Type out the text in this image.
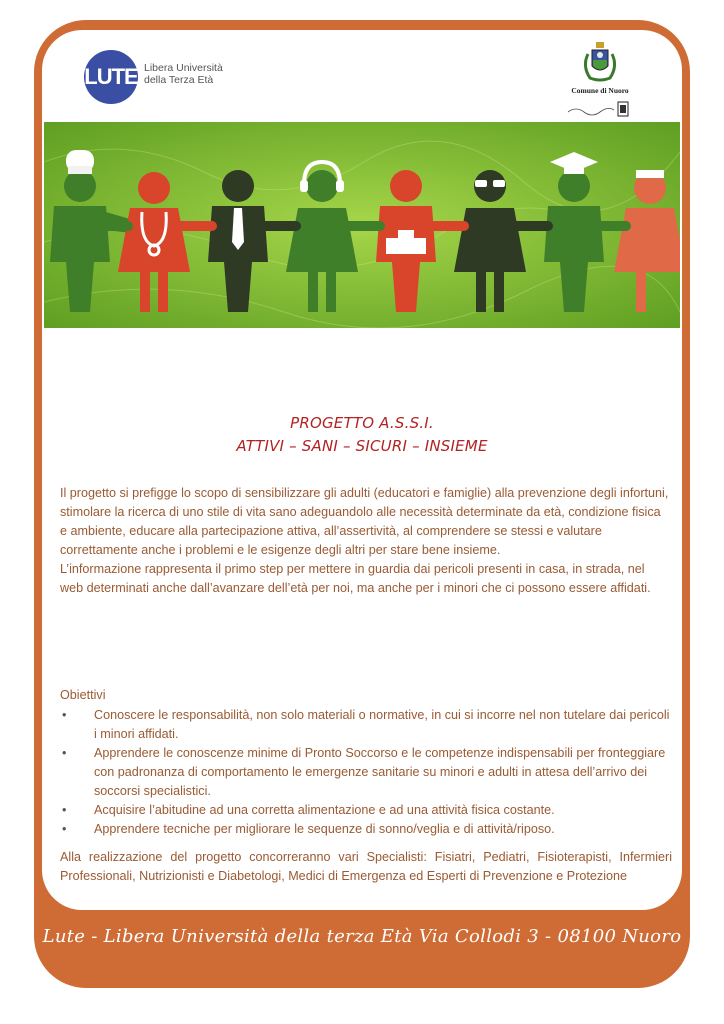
LUTE Libera Università
della Terza Età
Comune di Nuoro
PROGETTO A.S.S.I.
ATTIVI – SANI – SICURI – INSIEME

Il progetto si prefigge lo scopo di sensibilizzare gli adulti (educatori e famiglie) alla prevenzione degli infortuni, stimolare la ricerca di uno stile di vita sano adeguandolo alle necessità determinate da età, condizione fisica e ambiente, educare alla partecipazione attiva, all’assertività, al comprendere se stessi e valutare correttamente anche i problemi e le esigenze degli altri per stare bene insieme.

L’informazione rappresenta il primo step per mettere in guardia dai pericoli presenti in casa, in strada, nel web determinati anche dall’avanzare dell’età per noi, ma anche per i minori che ci possono essere affidati.

Obiettivi
• Conoscere le responsabilità, non solo materiali o normative, in cui si incorre nel non tutelare dai pericoli i minori affidati.
• Apprendere le conoscenze minime di Pronto Soccorso e le competenze indispensabili per fronteggiare con padronanza di comportamento le emergenze sanitarie su minori e adulti in attesa dell’arrivo dei soccorsi specialistici.
• Acquisire l’abitudine ad una corretta alimentazione e ad una attività fisica costante.
• Apprendere tecniche per migliorare le sequenze di sonno/veglia e di attività/riposo.
Alla realizzazione del progetto concorreranno vari Specialisti: Fisiatri, Pediatri, Fisioterapisti, Infermieri Professionali, Nutrizionisti e Diabetologi, Medici di Emergenza ed Esperti di Prevenzione e Protezione
Lute - Libera Università della terza Età Via Collodi 3 - 08100 Nuoro
